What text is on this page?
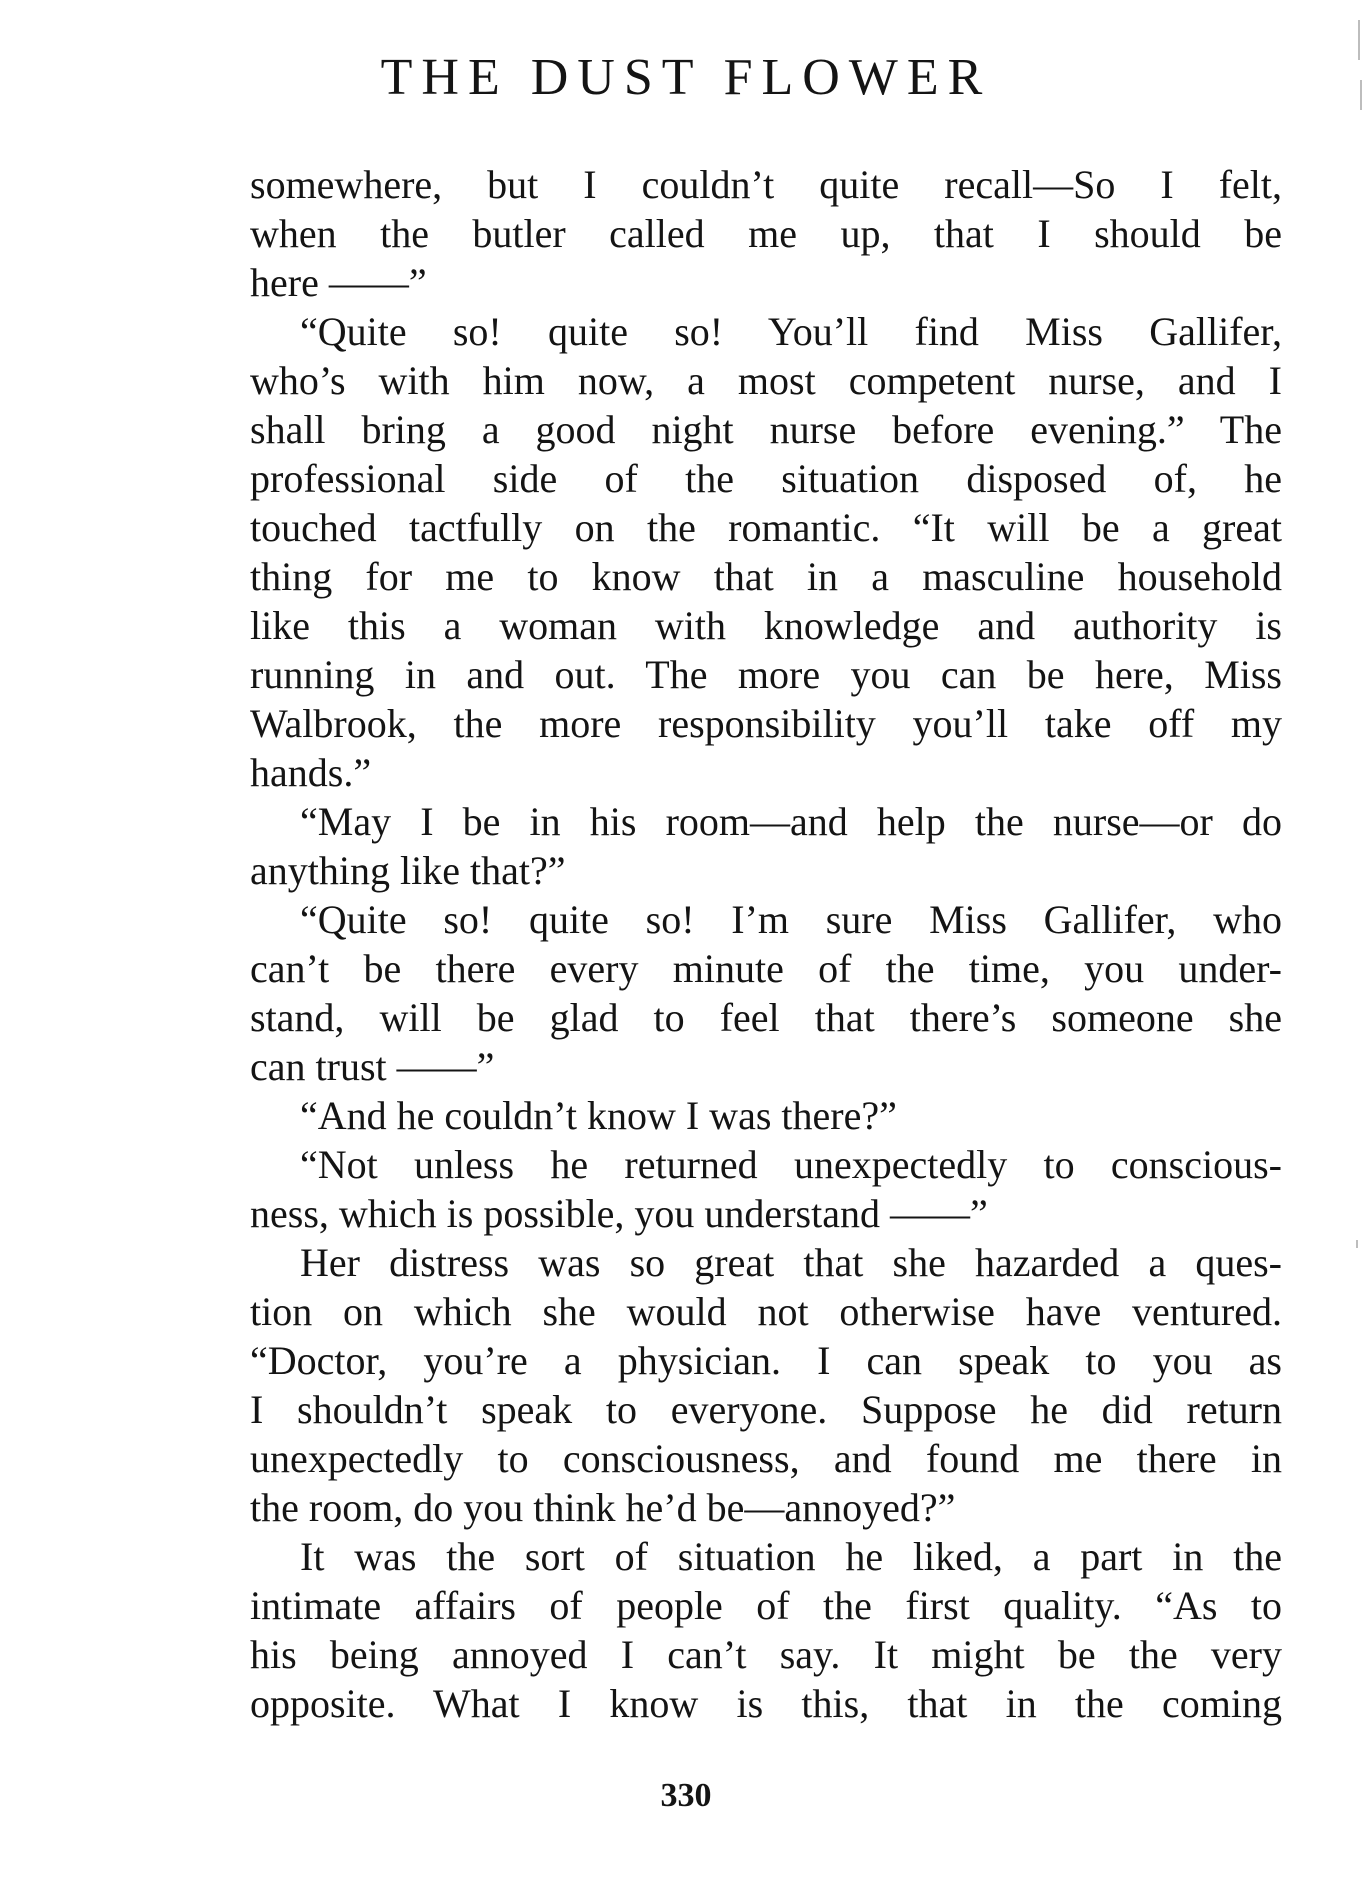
THE DUST FLOWER
somewhere, but I couldn’t quite recall—So I felt,
when the butler called me up, that I should be
here ——”
“Quite so! quite so! You’ll find Miss Gallifer,
who’s with him now, a most competent nurse, and I
shall bring a good night nurse before evening.” The
professional side of the situation disposed of, he
touched tactfully on the romantic. “It will be a great
thing for me to know that in a masculine household
like this a woman with knowledge and authority is
running in and out. The more you can be here, Miss
Walbrook, the more responsibility you’ll take off my
hands.”
“May I be in his room—and help the nurse—or do
anything like that?”
“Quite so! quite so! I’m sure Miss Gallifer, who
can’t be there every minute of the time, you under-
stand, will be glad to feel that there’s someone she
can trust ——”
“And he couldn’t know I was there?”
“Not unless he returned unexpectedly to conscious-
ness, which is possible, you understand ——”
Her distress was so great that she hazarded a ques-
tion on which she would not otherwise have ventured.
“Doctor, you’re a physician. I can speak to you as
I shouldn’t speak to everyone. Suppose he did return
unexpectedly to consciousness, and found me there in
the room, do you think he’d be—annoyed?”
It was the sort of situation he liked, a part in the
intimate affairs of people of the first quality. “As to
his being annoyed I can’t say. It might be the very
opposite. What I know is this, that in the coming
330
